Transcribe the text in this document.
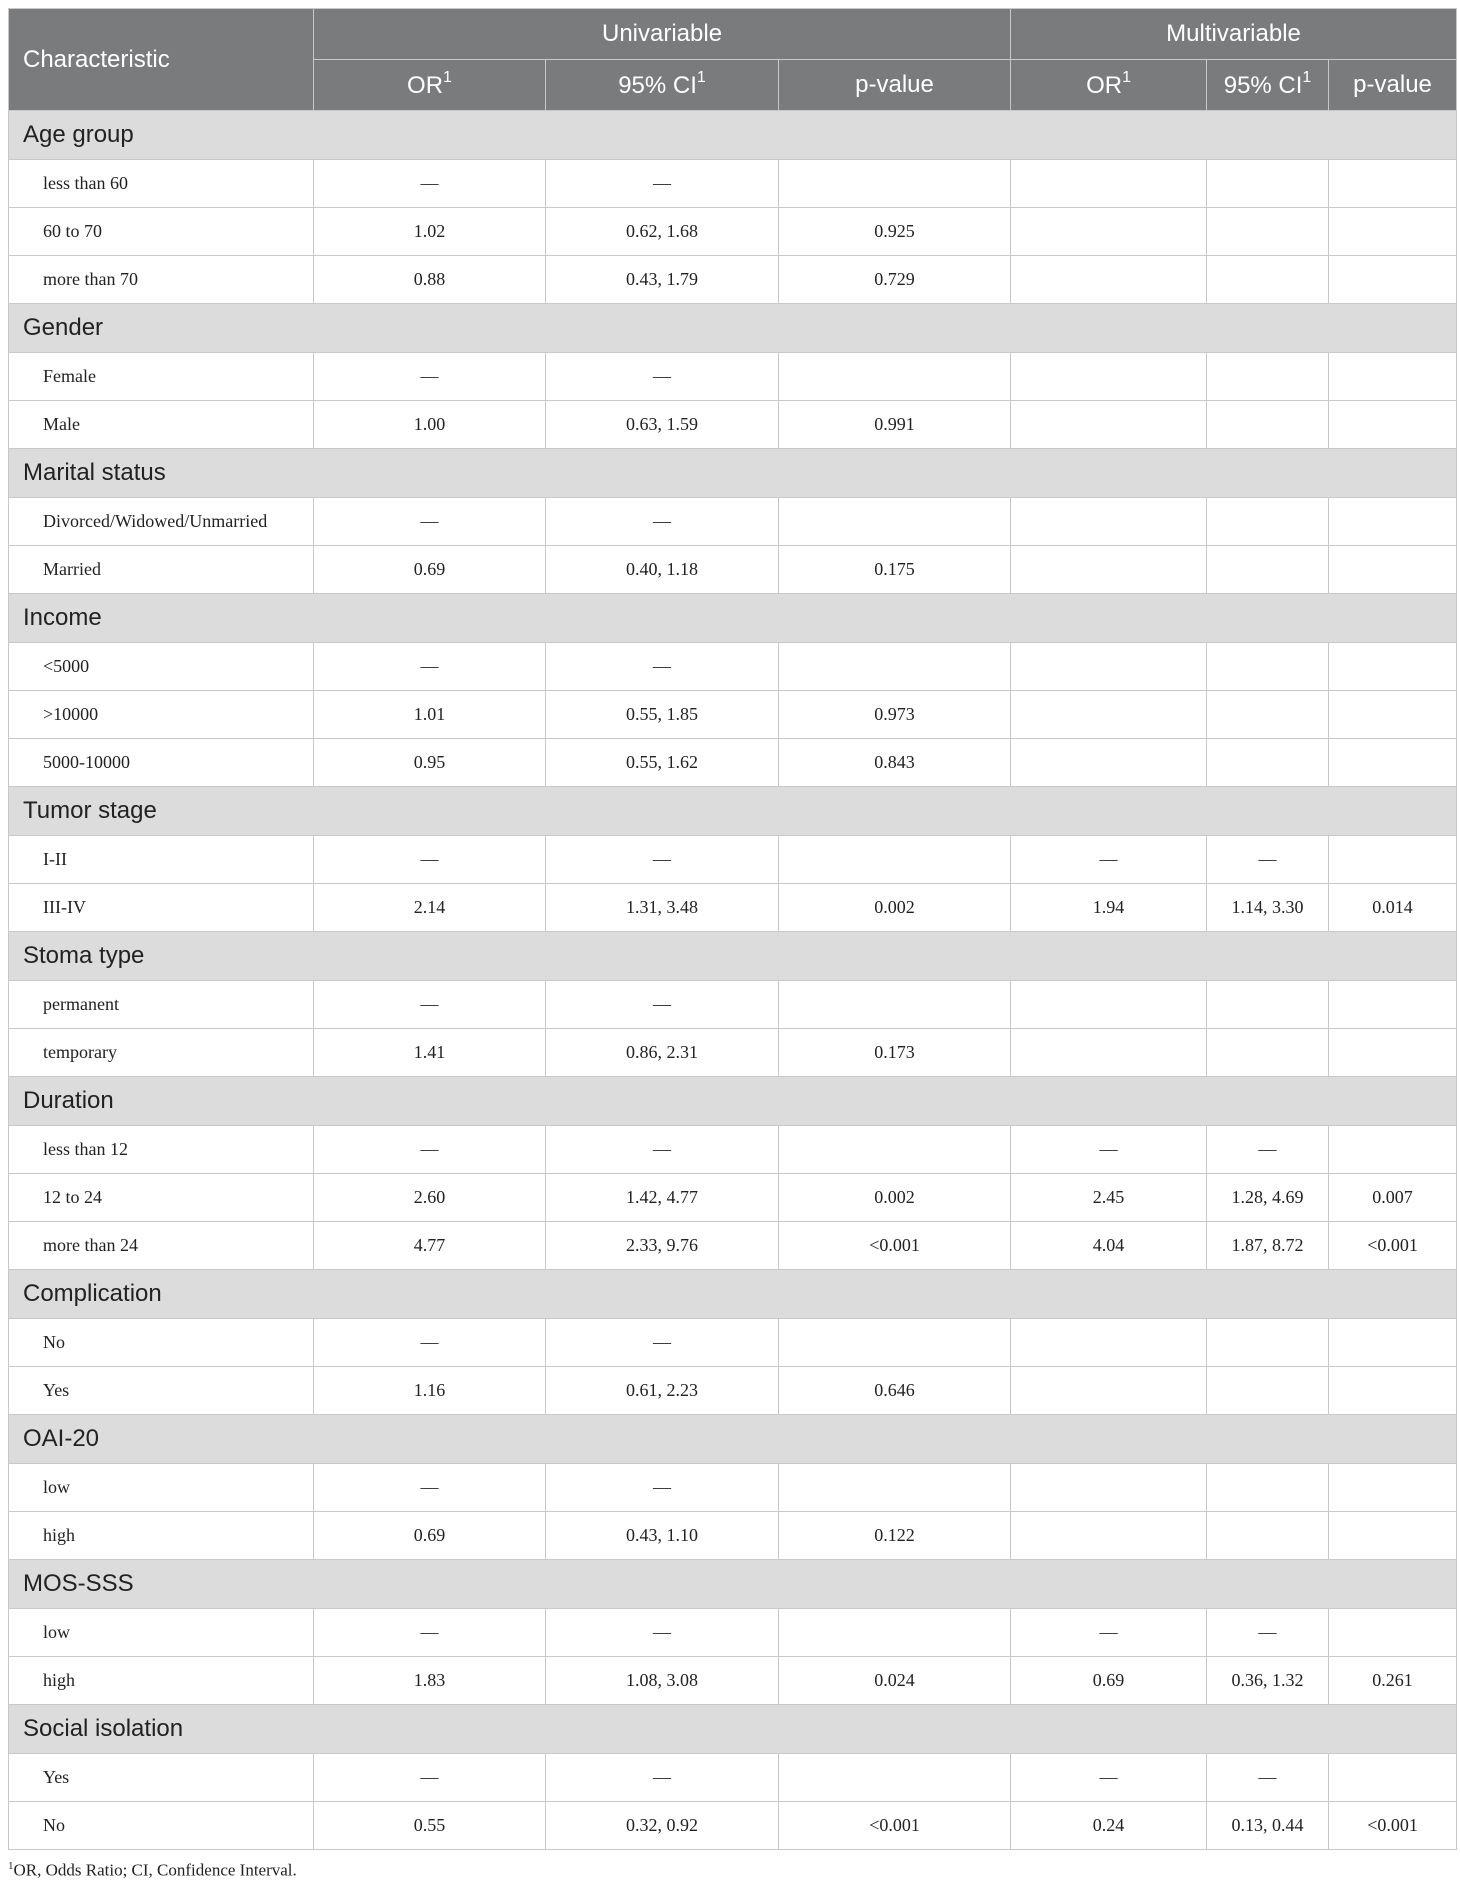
Characteristic	Univariable			Multivariable		
	$OR^1$	95% $CI^1$	p-value	$OR^1$	95% $CI^1$	p-value
Age group						
less than 60	—	—				
60 to 70	1.02	0.62, 1.68	0.925			
more than 70	0.88	0.43, 1.79	0.729			
Gender						
Female	—	—				
Male	1.00	0.63, 1.59	0.991			
Marital status						
Divorced/Widowed/Unmarried	—	—				
Married	0.69	0.40, 1.18	0.175			
Income						
<5000	—	—				
>10000	1.01	0.55, 1.85	0.973			
5000-10000	0.95	0.55, 1.62	0.843			
Tumor stage						
I-II	—	—		—	—	
III-IV	2.14	1.31, 3.48	0.002	1.94	1.14, 3.30	0.014
Stoma type						
permanent	—	—				
temporary	1.41	0.86, 2.31	0.173			
Duration						
less than 12	—	—		—	—	
12 to 24	2.60	1.42, 4.77	0.002	2.45	1.28, 4.69	0.007
more than 24	4.77	2.33, 9.76	<0.001	4.04	1.87, 8.72	<0.001
Complication						
No	—	—				
Yes	1.16	0.61, 2.23	0.646			
OAI-20						
low	—	—				
high	0.69	0.43, 1.10	0.122			
MOS-SSS						
low	—	—		—	—	
high	1.83	1.08, 3.08	0.024	0.69	0.36, 1.32	0.261
Social isolation						
Yes	—	—		—	—	
No	0.55	0.32, 0.92	<0.001	0.24	0.13, 0.44	<0.001
$^1$OR, Odds Ratio; CI, Confidence Interval.
